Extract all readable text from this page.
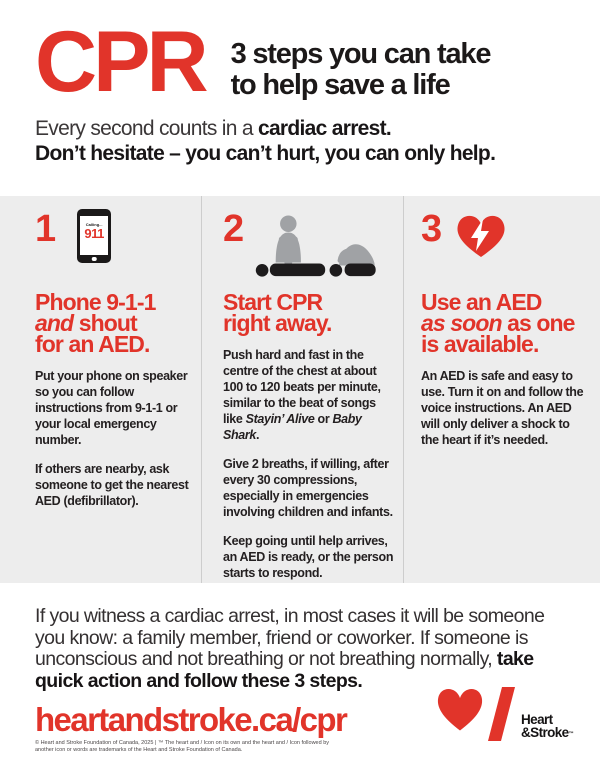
CPR 3 steps you can take
to help save a life

Every second counts in a cardiac arrest.
Don’t hesitate – you can’t hurt, you can only help.

1	Calling...
911
Phone 9-1-1
and shout
for an AED.

Put your phone on speaker so you can follow instructions from 9-1-1 or your local emergency number.

If others are nearby, ask someone to get the nearest AED (defibrillator).

2
Start CPR
right away.

Push hard and fast in the centre of the chest at about 100 to 120 beats per minute, similar to the beat of songs like Stayin’ Alive or Baby Shark.

Give 2 breaths, if willing, after every 30 compressions, especially in emergencies involving children and infants.

Keep going until help arrives, an AED is ready, or the person starts to respond.

3
Use an AED
as soon as one
is available.

An AED is safe and easy to use. Turn it on and follow the voice instructions. An AED will only deliver a shock to the heart if it’s needed.

If you witness a cardiac arrest, in most cases it will be someone you know: a family member, friend or coworker. If someone is unconscious and not breathing or not breathing normally, take quick action and follow these 3 steps.

heartandstroke.ca/cpr

© Heart and Stroke Foundation of Canada, 2025 | ™ The heart and / Icon on its own and the heart and / Icon followed by another icon or words are trademarks of the Heart and Stroke Foundation of Canada.

Heart
&Stroke™
